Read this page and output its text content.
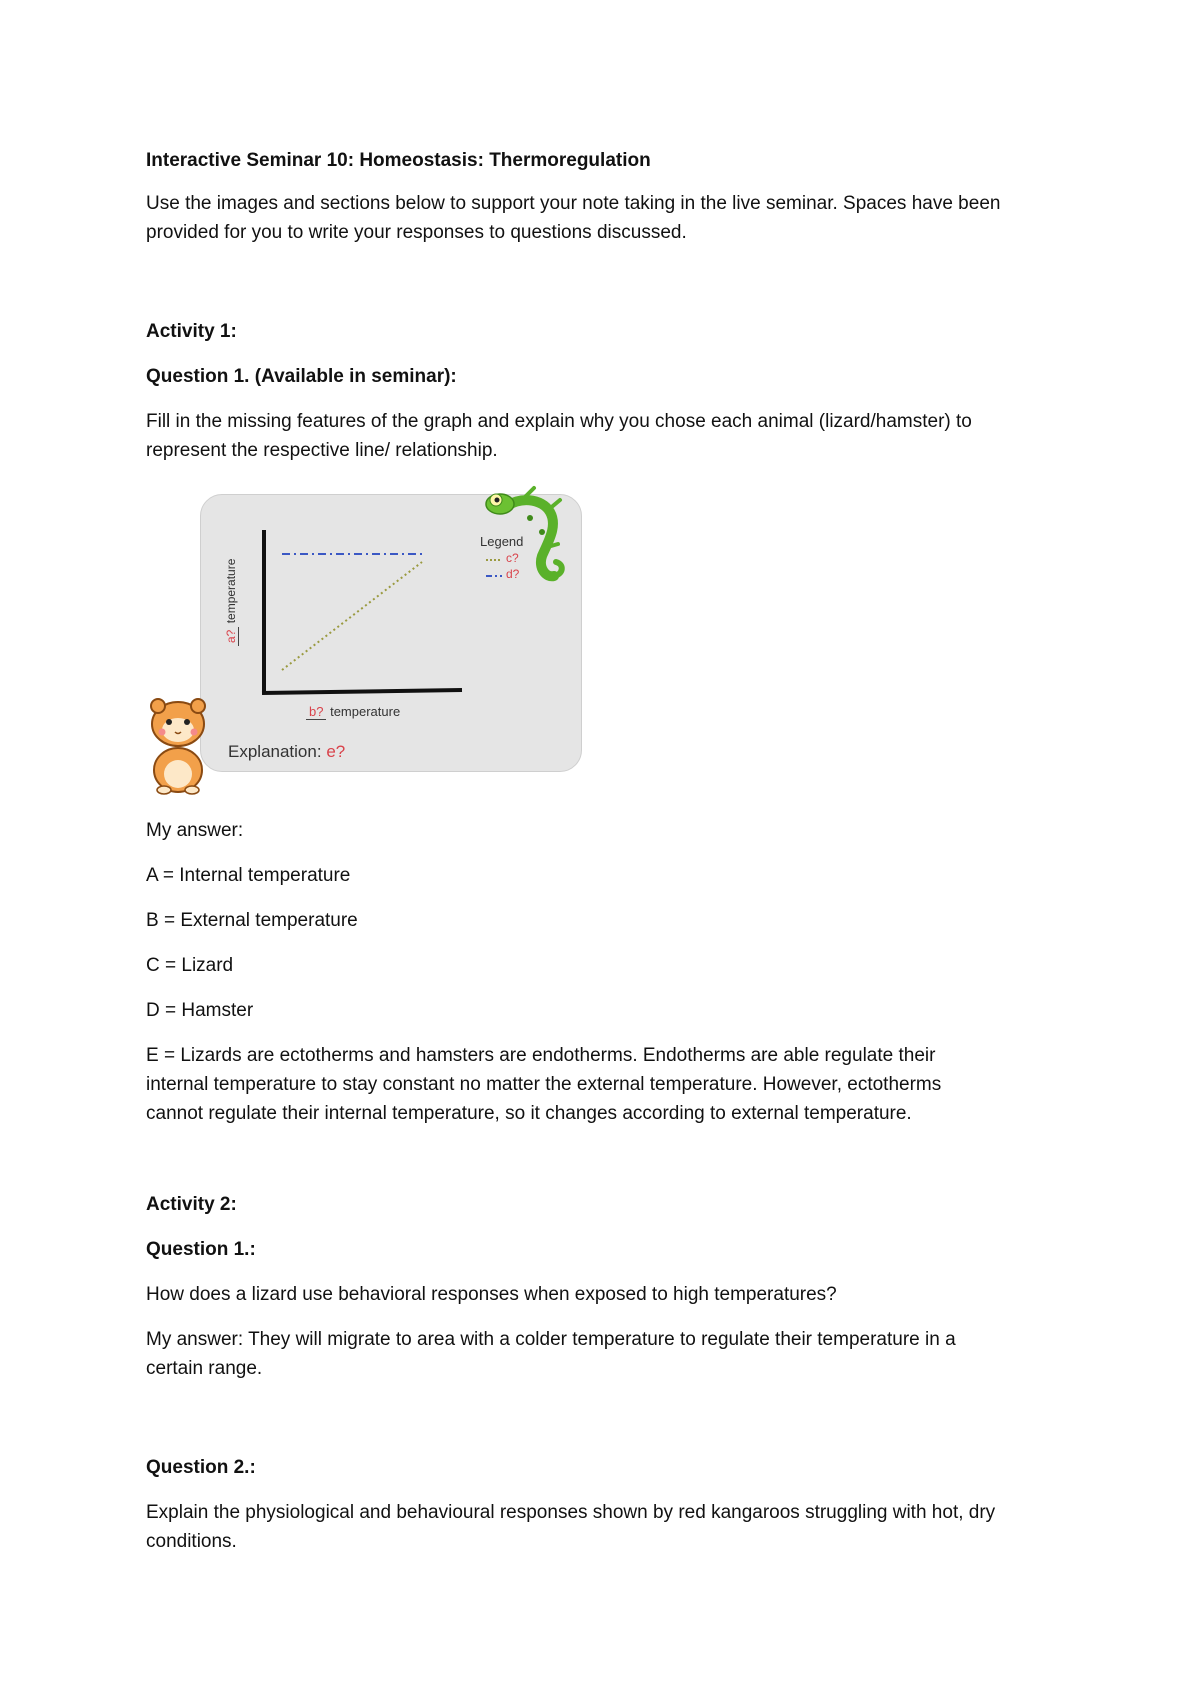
Interactive Seminar 10: Homeostasis: Thermoregulation
Use the images and sections below to support your note taking in the live seminar. Spaces have been
provided for you to write your responses to questions discussed.
Activity 1:
Question 1. (Available in seminar):
Fill in the missing features of the graph and explain why you chose each animal (lizard/hamster) to
represent the respective line/ relationship.
My answer:
A = Internal temperature
B = External temperature
C = Lizard
D = Hamster
E = Lizards are ectotherms and hamsters are endotherms. Endotherms are able regulate their
internal temperature to stay constant no matter the external temperature. However, ectotherms
cannot regulate their internal temperature, so it changes according to external temperature.
Activity 2:
Question 1.:
How does a lizard use behavioral responses when exposed to high temperatures?
My answer: They will migrate to area with a colder temperature to regulate their temperature in a
certain range.
Question 2.:
Explain the physiological and behavioural responses shown by red kangaroos struggling with hot, dry
conditions.
a? temperature
b? temperature
Legend
c?
d?
Explanation: e?
